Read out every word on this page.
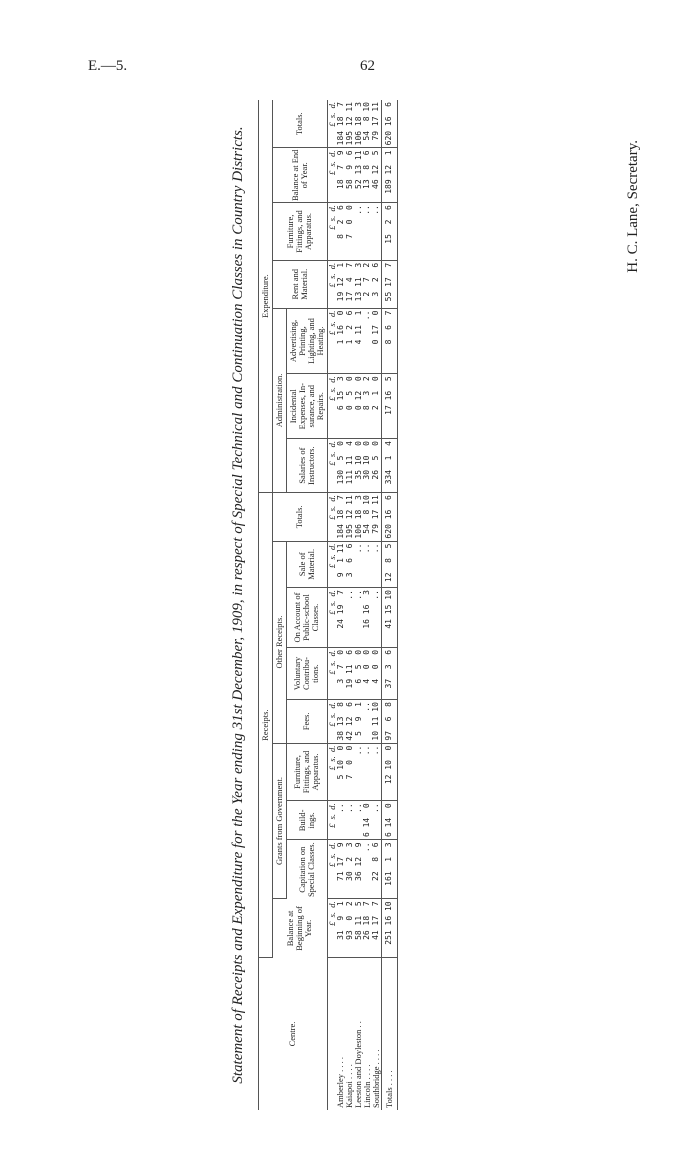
E.—5.	62
Statement of Receipts and Expenditure for the Year ending 31st December, 1909, in respect of Special Technical and Continuation Classes in Country Districts.	Centre.	Receipts.									Expenditure.						
	Balance at Beginning of Year.	Grants from Government.			Other Receipts.				Totals.	Administration.			Rent and Material.	Furniture, Fittings, and Apparatus.	Balance at End of Year.	Totals.
		Capitation on Special Classes.	Build-ings.	Furniture, Fittings, and Apparatus.	Fees.	Voluntary Contribu-tions.	On Account of Public-school Classes.	Sale of Material.		Salaries of Instructors.	Incidental Expenses, In-surance, and Repairs.	Advertising, Printing, Lighting, and Heating.				
	£  s.  d.	£  s.  d.	£  s.  d.	£  s.  d.	£  s.  d.	£  s.  d.	£  s.  d.	£  s.  d.	£  s.  d.	£  s.  d.	£  s.  d.	£  s.  d.	£  s.  d.	£  s.  d.	£  s.  d.	£  s.  d.
Amberley . . . .	31  9  1	71 17  9	..	5 10  0	38 13  8	3  7  0	24 19  7	9  1 11	184 18  7	130  5  0	6 15  3	1 16  0	19 12  1	8  2  6	18  7  9	184 18  7
Kaiapoi . . . .	93  0  2	30  2  3	..	7  0  0	42 12  6	19 11  6	..	3  6  6	195 12 11	111 11  4	0  5  0	1  2  6	17  4  7	7  0  0	58  9  6	195 12 11
Leeston and Doyleston . .	58 11  5	36 12  9	..	..	5  9  1	6  5  0	..	..	106 18  3	35 10  0	0 12  0	4 11  1	13 11  3	..	52 13 11	106 18  3
Lincoln . . . .	26 18  7	..	6 14  0	..	..	4  0  0	16 16  3	..	54  8 10	30 10  0	8  3  2	..	2  7  2	..	13  8  6	54  8 10
Southbridge . . . .	41 17  7	22  8  6	..	..	10 11 10	4  0  0	..	..	79 17 11	26  5  0	2  1  0	0 17  0	3  2  6	..	46 12  5	79 17 11
Totals . . . .	251 16 10	161  1  3	6 14  0	12 10  0	97  6  8	37  3  6	41 15 10	12  8  5	620 16  6	334  1  4	17 16  5	8  6  7	55 17  7	15  2  6	189 12  1	620 16  6
H. C. Lane, Secretary.
